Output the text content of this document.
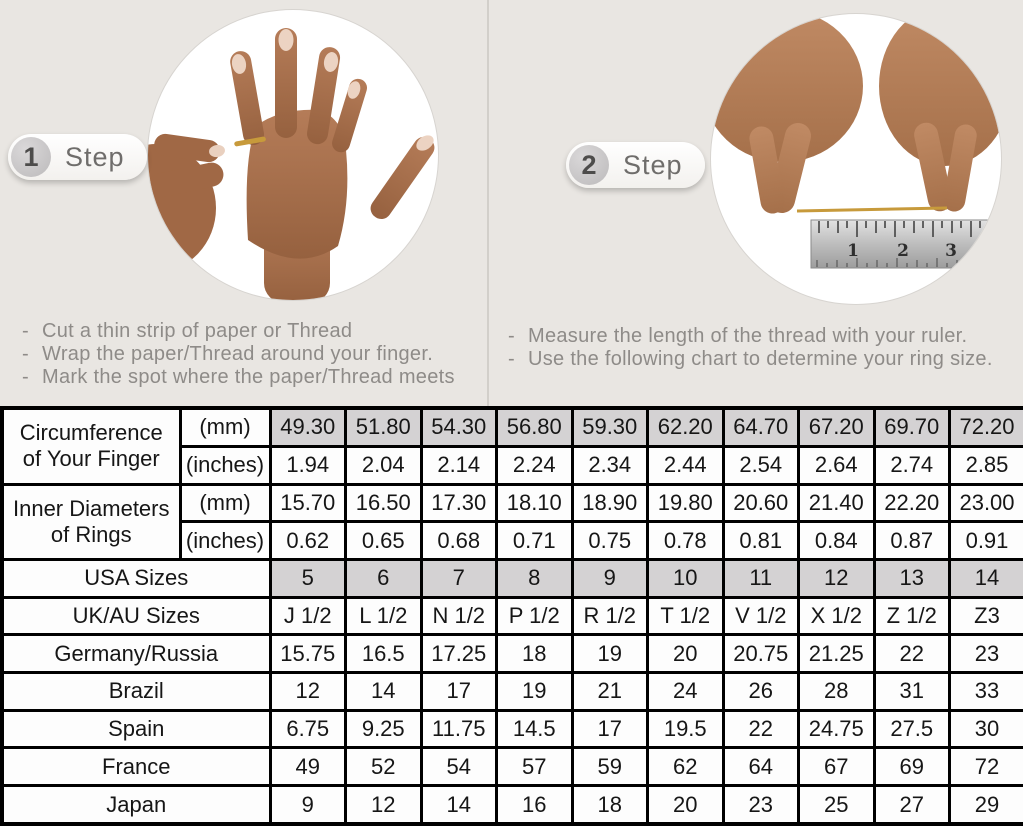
1 2 3
1 Step	2 Step
- Cut a thin strip of paper or Thread
- Wrap the paper/Thread around your finger.
- Mark the spot where the paper/Thread meets
- Measure the length of the thread with your ruler.
- Use the following chart to determine your ring size.
Circumference
of Your Finger	(mm)	49.30	51.80	54.30	56.80	59.30	62.20	64.70	67.20	69.70	72.20
	(inches)	1.94	2.04	2.14	2.24	2.34	2.44	2.54	2.64	2.74	2.85

Inner Diameters
of Rings	(mm)	15.70	16.50	17.30	18.10	18.90	19.80	20.60	21.40	22.20	23.00
	(inches)	0.62	0.65	0.68	0.71	0.75	0.78	0.81	0.84	0.87	0.91
USA Sizes		5	6	7	8	9	10	11	12	13	14
UK/AU Sizes		J 1/2	L 1/2	N 1/2	P 1/2	R 1/2	T 1/2	V 1/2	X 1/2	Z 1/2	Z3
Germany/Russia		15.75	16.5	17.25	18	19	20	20.75	21.25	22	23
Brazil		12	14	17	19	21	24	26	28	31	33
Spain		6.75	9.25	11.75	14.5	17	19.5	22	24.75	27.5	30
France		49	52	54	57	59	62	64	67	69	72
Japan		9	12	14	16	18	20	23	25	27	29
